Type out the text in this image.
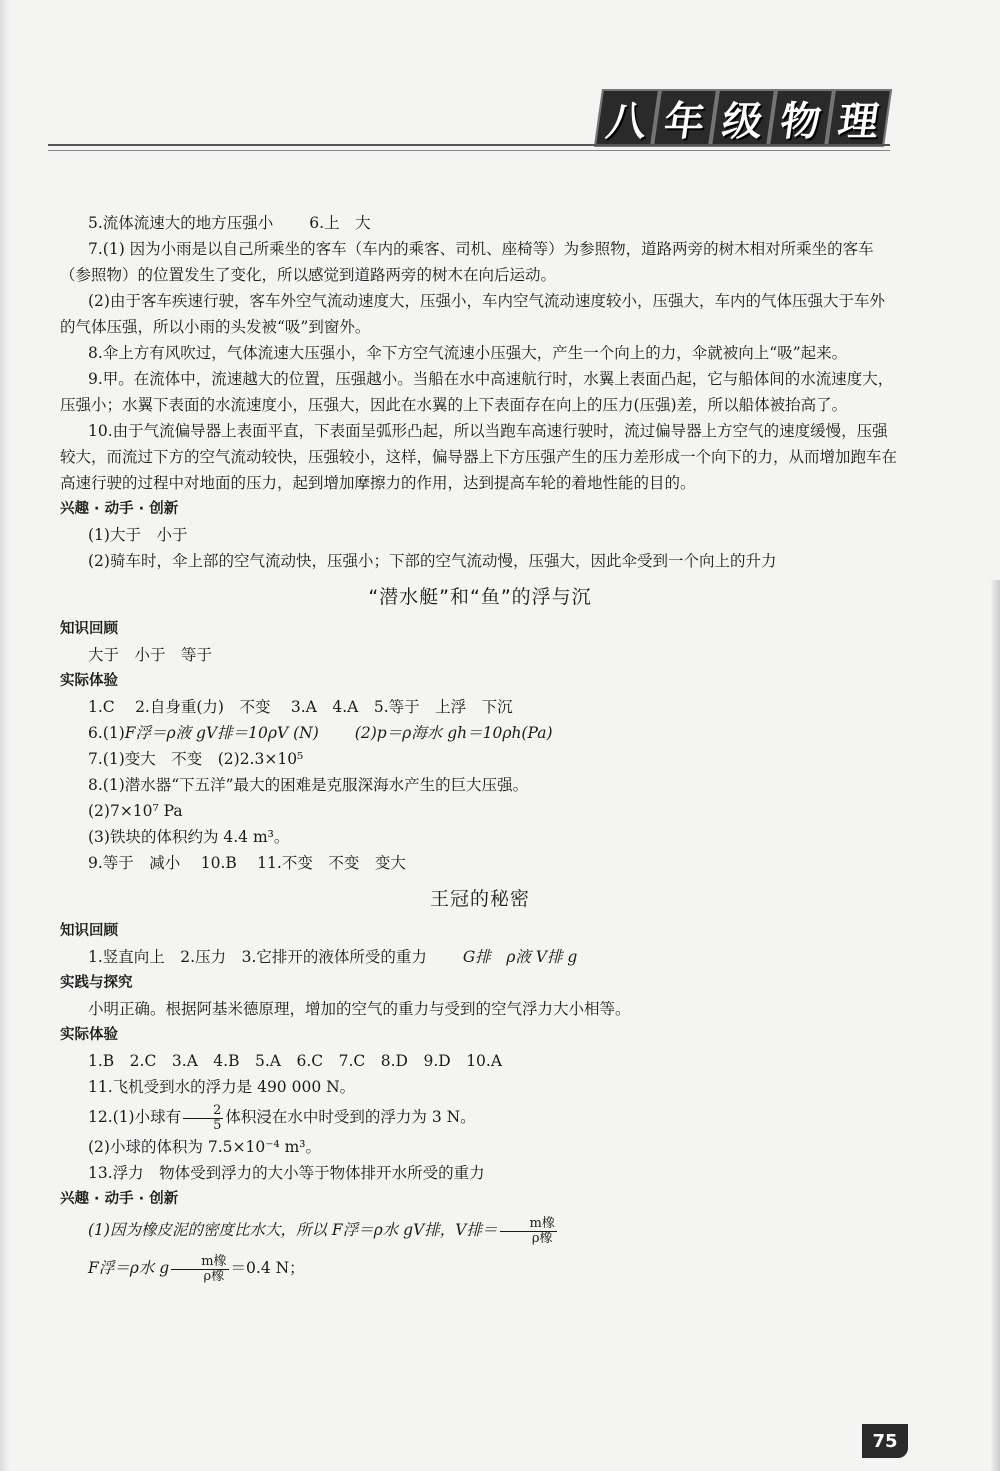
八 年 级 物 理

5.流体流速大的地方压强小 6.上　大

7.(1) 因为小雨是以自己所乘坐的客车（车内的乘客、司机、座椅等）为参照物，道路两旁的树木相对所乘坐的客车（参照物）的位置发生了变化，所以感觉到道路两旁的树木在向后运动。

(2)由于客车疾速行驶，客车外空气流动速度大，压强小，车内空气流动速度较小，压强大，车内的气体压强大于车外的气体压强，所以小雨的头发被“吸”到窗外。

8.伞上方有风吹过，气体流速大压强小，伞下方空气流速小压强大，产生一个向上的力，伞就被向上“吸”起来。

9.甲。在流体中，流速越大的位置，压强越小。当船在水中高速航行时，水翼上表面凸起，它与船体间的水流速度大，压强小；水翼下表面的水流速度小，压强大，因此在水翼的上下表面存在向上的压力(压强)差，所以船体被抬高了。

10.由于气流偏导器上表面平直，下表面呈弧形凸起，所以当跑车高速行驶时，流过偏导器上方空气的速度缓慢，压强较大，而流过下方的空气流动较快，压强较小，这样，偏导器上下方压强产生的压力差形成一个向下的力，从而增加跑车在高速行驶的过程中对地面的压力，起到增加摩擦力的作用，达到提高车轮的着地性能的目的。

兴趣 · 动手 · 创新

(1)大于　小于

(2)骑车时，伞上部的空气流动快，压强小；下部的空气流动慢，压强大，因此伞受到一个向上的升力

“潜水艇”和“鱼”的浮与沉

知识回顾

大于　小于　等于

实际体验

1.C　 2.自身重(力)　不变　 3.A　4.A　5.等于　上浮　下沉

6.(1)F浮＝ρ液 gV排＝10ρV (N) (2)p＝ρ海水 gh＝10ρh(Pa)

7.(1)变大　不变　(2)2.3×10⁵

8.(1)潜水器“下五洋”最大的困难是克服深海水产生的巨大压强。

(2)7×10⁷ Pa

(3)铁块的体积约为 4.4 m³。

9.等于　减小　 10.B　 11.不变　不变　变大

王冠的秘密

知识回顾

1.竖直向上　2.压力　3.它排开的液体所受的重力 G排　ρ液 V排 g

实践与探究

小明正确。根据阿基米德原理，增加的空气的重力与受到的空气浮力大小相等。

实际体验

1.B　2.C　3.A　4.B　5.A　6.C　7.C　8.D　9.D　10.A

11.飞机受到水的浮力是 490 000 N。

12.(1)小球有 $\frac{2}{5}$ 体积浸在水中时受到的浮力为 3 N。

(2)小球的体积为 7.5×10⁻⁴ m³。

13.浮力　物体受到浮力的大小等于物体排开水所受的重力

兴趣 · 动手 · 创新

(1)因为橡皮泥的密度比水大，所以 F浮＝ρ水 gV排，V排＝ $\frac{\text{m橡}}{\text{ρ橡}}$

F浮＝ρ水 g $\frac{\text{m橡}}{\text{ρ橡}} =0.4$ N；

75
